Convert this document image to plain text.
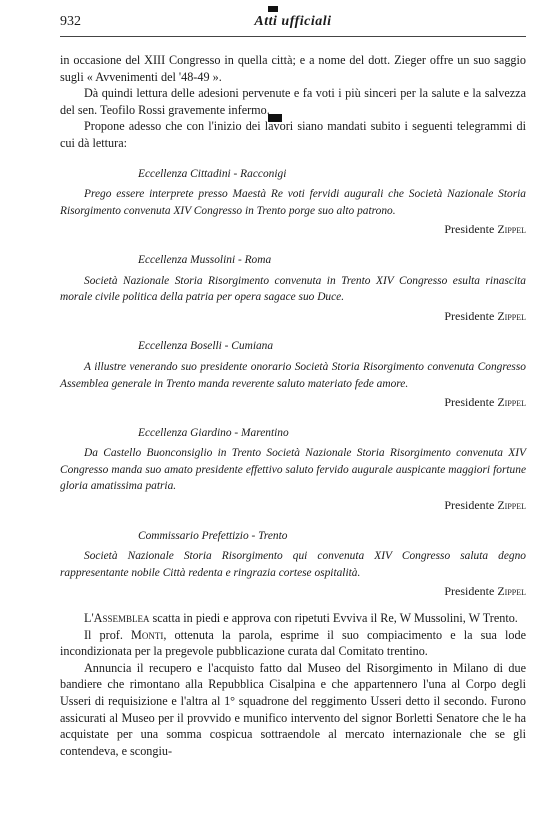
932	Atti ufficiali

in occasione del XIII Congresso in quella città; e a nome del dott. Zieger offre un suo saggio sugli « Avvenimenti del '48-49 ».

Dà quindi lettura delle adesioni pervenute e fa voti i più sinceri per la salute e la salvezza del sen. Teofilo Rossi gravemente infermo.

Propone adesso che con l'inizio dei lavori siano mandati subito i seguenti telegrammi di cui dà lettura:

Eccellenza Cittadini - Racconigi

Prego essere interprete presso Maestà Re voti fervidi augurali che Società Nazionale Storia Risorgimento convenuta XIV Congresso in Trento porge suo alto patrono.

Presidente Zippel
Eccellenza Mussolini - Roma

Società Nazionale Storia Risorgimento convenuta in Trento XIV Congresso esulta rinascita morale civile politica della patria per opera sagace suo Duce.

Presidente Zippel
Eccellenza Boselli - Cumiana

A illustre venerando suo presidente onorario Società Storia Risorgimento convenuta Congresso Assemblea generale in Trento manda reverente saluto materiato fede amore.

Presidente Zippel
Eccellenza Giardino - Marentino

Da Castello Buonconsiglio in Trento Società Nazionale Storia Risorgimento convenuta XIV Congresso manda suo amato presidente effettivo saluto fervido augurale auspicante maggiori fortune gloria amatissima patria.

Presidente Zippel
Commissario Prefettizio - Trento

Società Nazionale Storia Risorgimento qui convenuta XIV Congresso saluta degno rappresentante nobile Città redenta e ringrazia cortese ospitalità.

Presidente Zippel

L'Assemblea scatta in piedi e approva con ripetuti Evviva il Re, W Mussolini, W Trento.

Il prof. Monti, ottenuta la parola, esprime il suo compiacimento e la sua lode incondizionata per la pregevole pubblicazione curata dal Comitato trentino.

Annuncia il recupero e l'acquisto fatto dal Museo del Risorgimento in Milano di due bandiere che rimontano alla Repubblica Cisalpina e che appartennero l'una al Corpo degli Usseri di requisizione e l'altra al 1° squadrone del reggimento Usseri detto il secondo. Furono assicurati al Museo per il provvido e munifico intervento del signor Borletti Senatore che le ha acquistate per una somma cospicua sottraendole al mercato internazionale che se gli contendeva, e scongiu-
